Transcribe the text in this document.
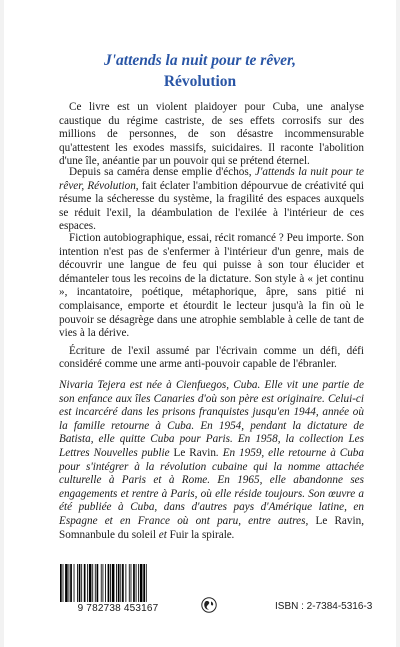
J'attends la nuit pour te rêver,
Révolution

Ce livre est un violent plaidoyer pour Cuba, une analyse caustique du régime castriste, de ses effets corrosifs sur des millions de personnes, de son désastre incommensurable qu'attestent les exodes massifs, suicidaires. Il raconte l'abolition d'une île, anéantie par un pouvoir qui se prétend éternel.

Depuis sa caméra dense emplie d'échos, J'attends la nuit pour te rêver, Révolution, fait éclater l'ambition dépourvue de créativité qui résume la sécheresse du système, la fragilité des espaces auxquels se réduit l'exil, la déambulation de l'exilée à l'intérieur de ces espaces.

Fiction autobiographique, essai, récit romancé ? Peu importe. Son intention n'est pas de s'enfermer à l'intérieur d'un genre, mais de découvrir une langue de feu qui puisse à son tour élucider et démanteler tous les recoins de la dictature. Son style à « jet continu », incantatoire, poétique, métaphorique, âpre, sans pitié ni complaisance, emporte et étourdit le lecteur jusqu'à la fin où le pouvoir se désagrège dans une atrophie semblable à celle de tant de vies à la dérive.

Écriture de l'exil assumé par l'écrivain comme un défi, défi considéré comme une arme anti-pouvoir capable de l'ébranler.

Nivaria Tejera est née à Cienfuegos, Cuba. Elle vit une partie de son enfance aux îles Canaries d'où son père est originaire. Celui-ci est incarcéré dans les prisons franquistes jusqu'en 1944, année où la famille retourne à Cuba. En 1954, pendant la dictature de Batista, elle quitte Cuba pour Paris. En 1958, la collection Les Lettres Nouvelles publie Le Ravin. En 1959, elle retourne à Cuba pour s'intégrer à la révolution cubaine qui la nomme attachée culturelle à Paris et à Rome. En 1965, elle abandonne ses engagements et rentre à Paris, où elle réside toujours. Son œuvre a été publiée à Cuba, dans d'autres pays d'Amérique latine, en Espagne et en France où ont paru, entre autres, Le Ravin, Somnanbule du soleil et Fuir la spirale.
9 782738 453167	ISBN : 2-7384-5316-3
